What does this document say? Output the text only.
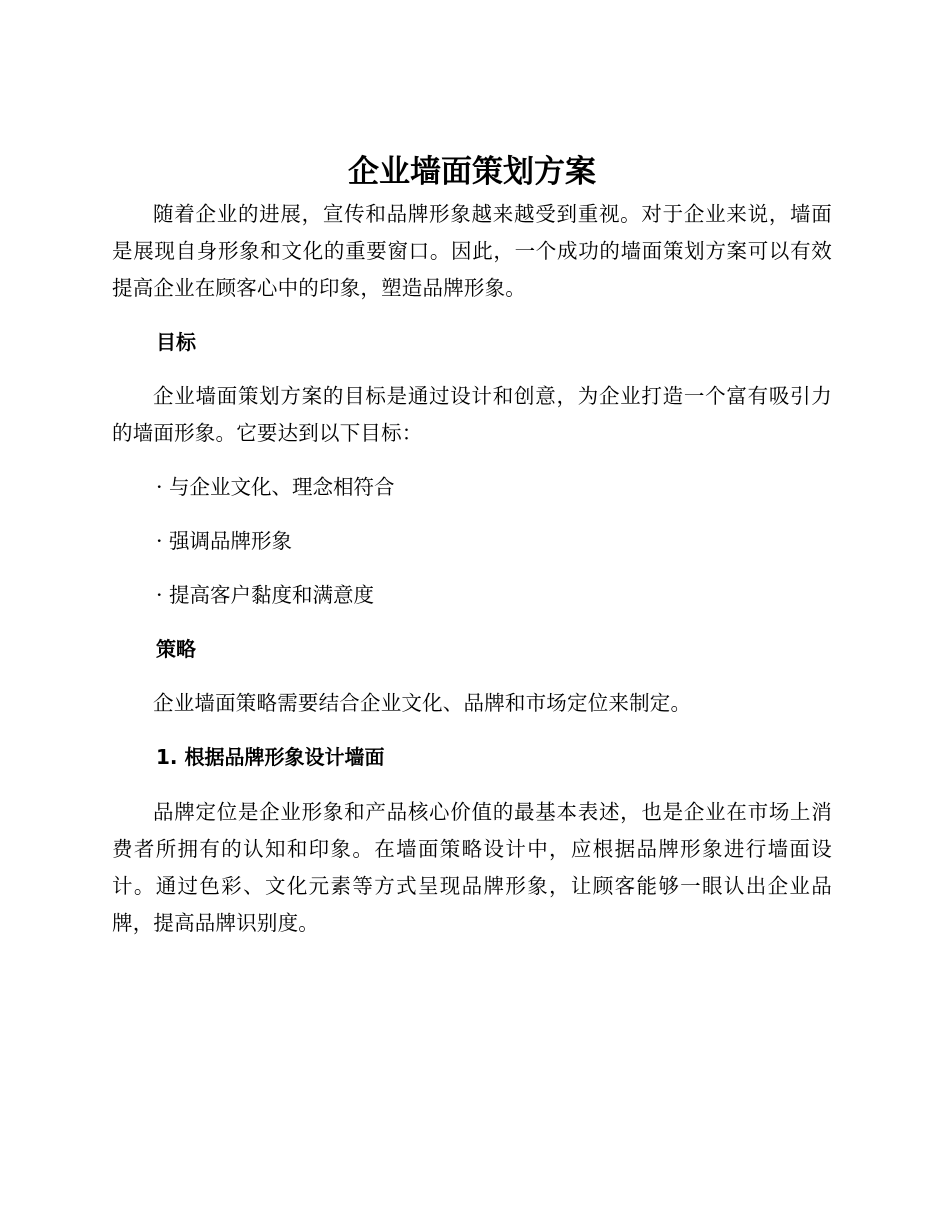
企业墙面策划方案

随着企业的进展，宣传和品牌形象越来越受到重视。对于企业来说，墙面是展现自身形象和文化的重要窗口。因此，一个成功的墙面策划方案可以有效提高企业在顾客心中的印象，塑造品牌形象。

目标

企业墙面策划方案的目标是通过设计和创意，为企业打造一个富有吸引力的墙面形象。它要达到以下目标：

· 与企业文化、理念相符合

· 强调品牌形象

· 提高客户黏度和满意度

策略

企业墙面策略需要结合企业文化、品牌和市场定位来制定。

1. 根据品牌形象设计墙面

品牌定位是企业形象和产品核心价值的最基本表述，也是企业在市场上消费者所拥有的认知和印象。在墙面策略设计中，应根据品牌形象进行墙面设计。通过色彩、文化元素等方式呈现品牌形象，让顾客能够一眼认出企业品牌，提高品牌识别度。
